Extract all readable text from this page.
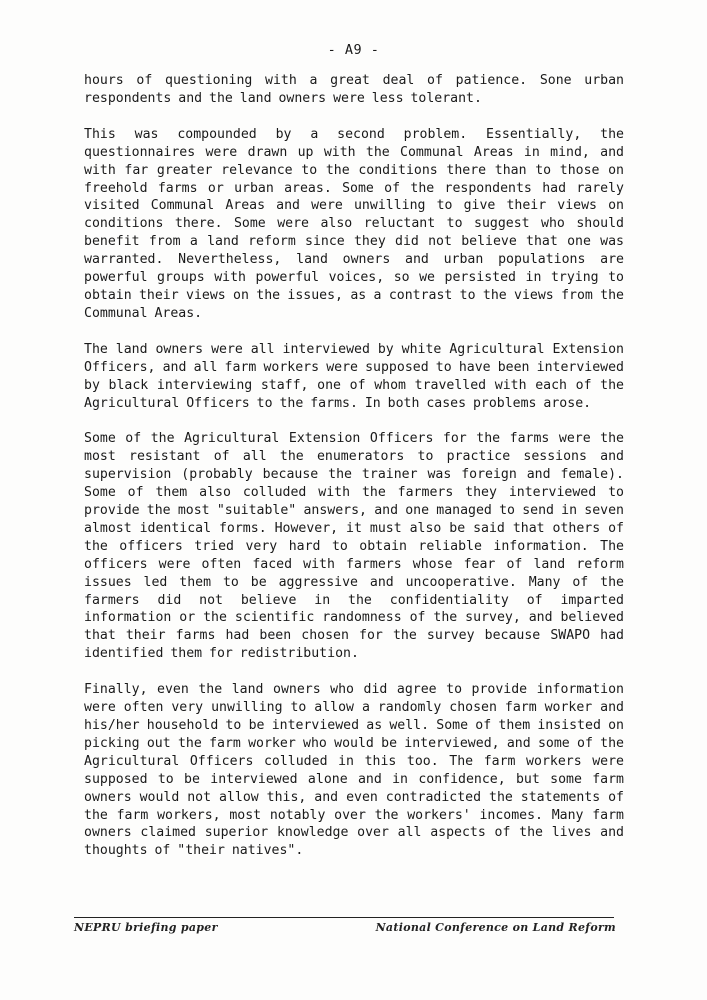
- A9 -

hours of questioning with a great deal of patience. Sone urban respondents and the land owners were less tolerant.

This was compounded by a second problem. Essentially, the questionnaires were drawn up with the Communal Areas in mind, and with far greater relevance to the conditions there than to those on freehold farms or urban areas. Some of the respondents had rarely visited Communal Areas and were unwilling to give their views on conditions there. Some were also reluctant to suggest who should benefit from a land reform since they did not believe that one was warranted. Nevertheless, land owners and urban populations are powerful groups with powerful voices, so we persisted in trying to obtain their views on the issues, as a contrast to the views from the Communal Areas.

The land owners were all interviewed by white Agricultural Extension Officers, and all farm workers were supposed to have been interviewed by black interviewing staff, one of whom travelled with each of the Agricultural Officers to the farms. In both cases problems arose.

Some of the Agricultural Extension Officers for the farms were the most resistant of all the enumerators to practice sessions and supervision (probably because the trainer was foreign and female). Some of them also colluded with the farmers they interviewed to provide the most "suitable" answers, and one managed to send in seven almost identical forms. However, it must also be said that others of the officers tried very hard to obtain reliable information. The officers were often faced with farmers whose fear of land reform issues led them to be aggressive and uncooperative. Many of the farmers did not believe in the confidentiality of imparted information or the scientific randomness of the survey, and believed that their farms had been chosen for the survey because SWAPO had identified them for redistribution.

Finally, even the land owners who did agree to provide information were often very unwilling to allow a randomly chosen farm worker and his/her household to be interviewed as well. Some of them insisted on picking out the farm worker who would be interviewed, and some of the Agricultural Officers colluded in this too. The farm workers were supposed to be interviewed alone and in confidence, but some farm owners would not allow this, and even contradicted the statements of the farm workers, most notably over the workers' incomes. Many farm owners claimed superior knowledge over all aspects of the lives and thoughts of "their natives".

NEPRU briefing paper	National Conference on Land Reform
